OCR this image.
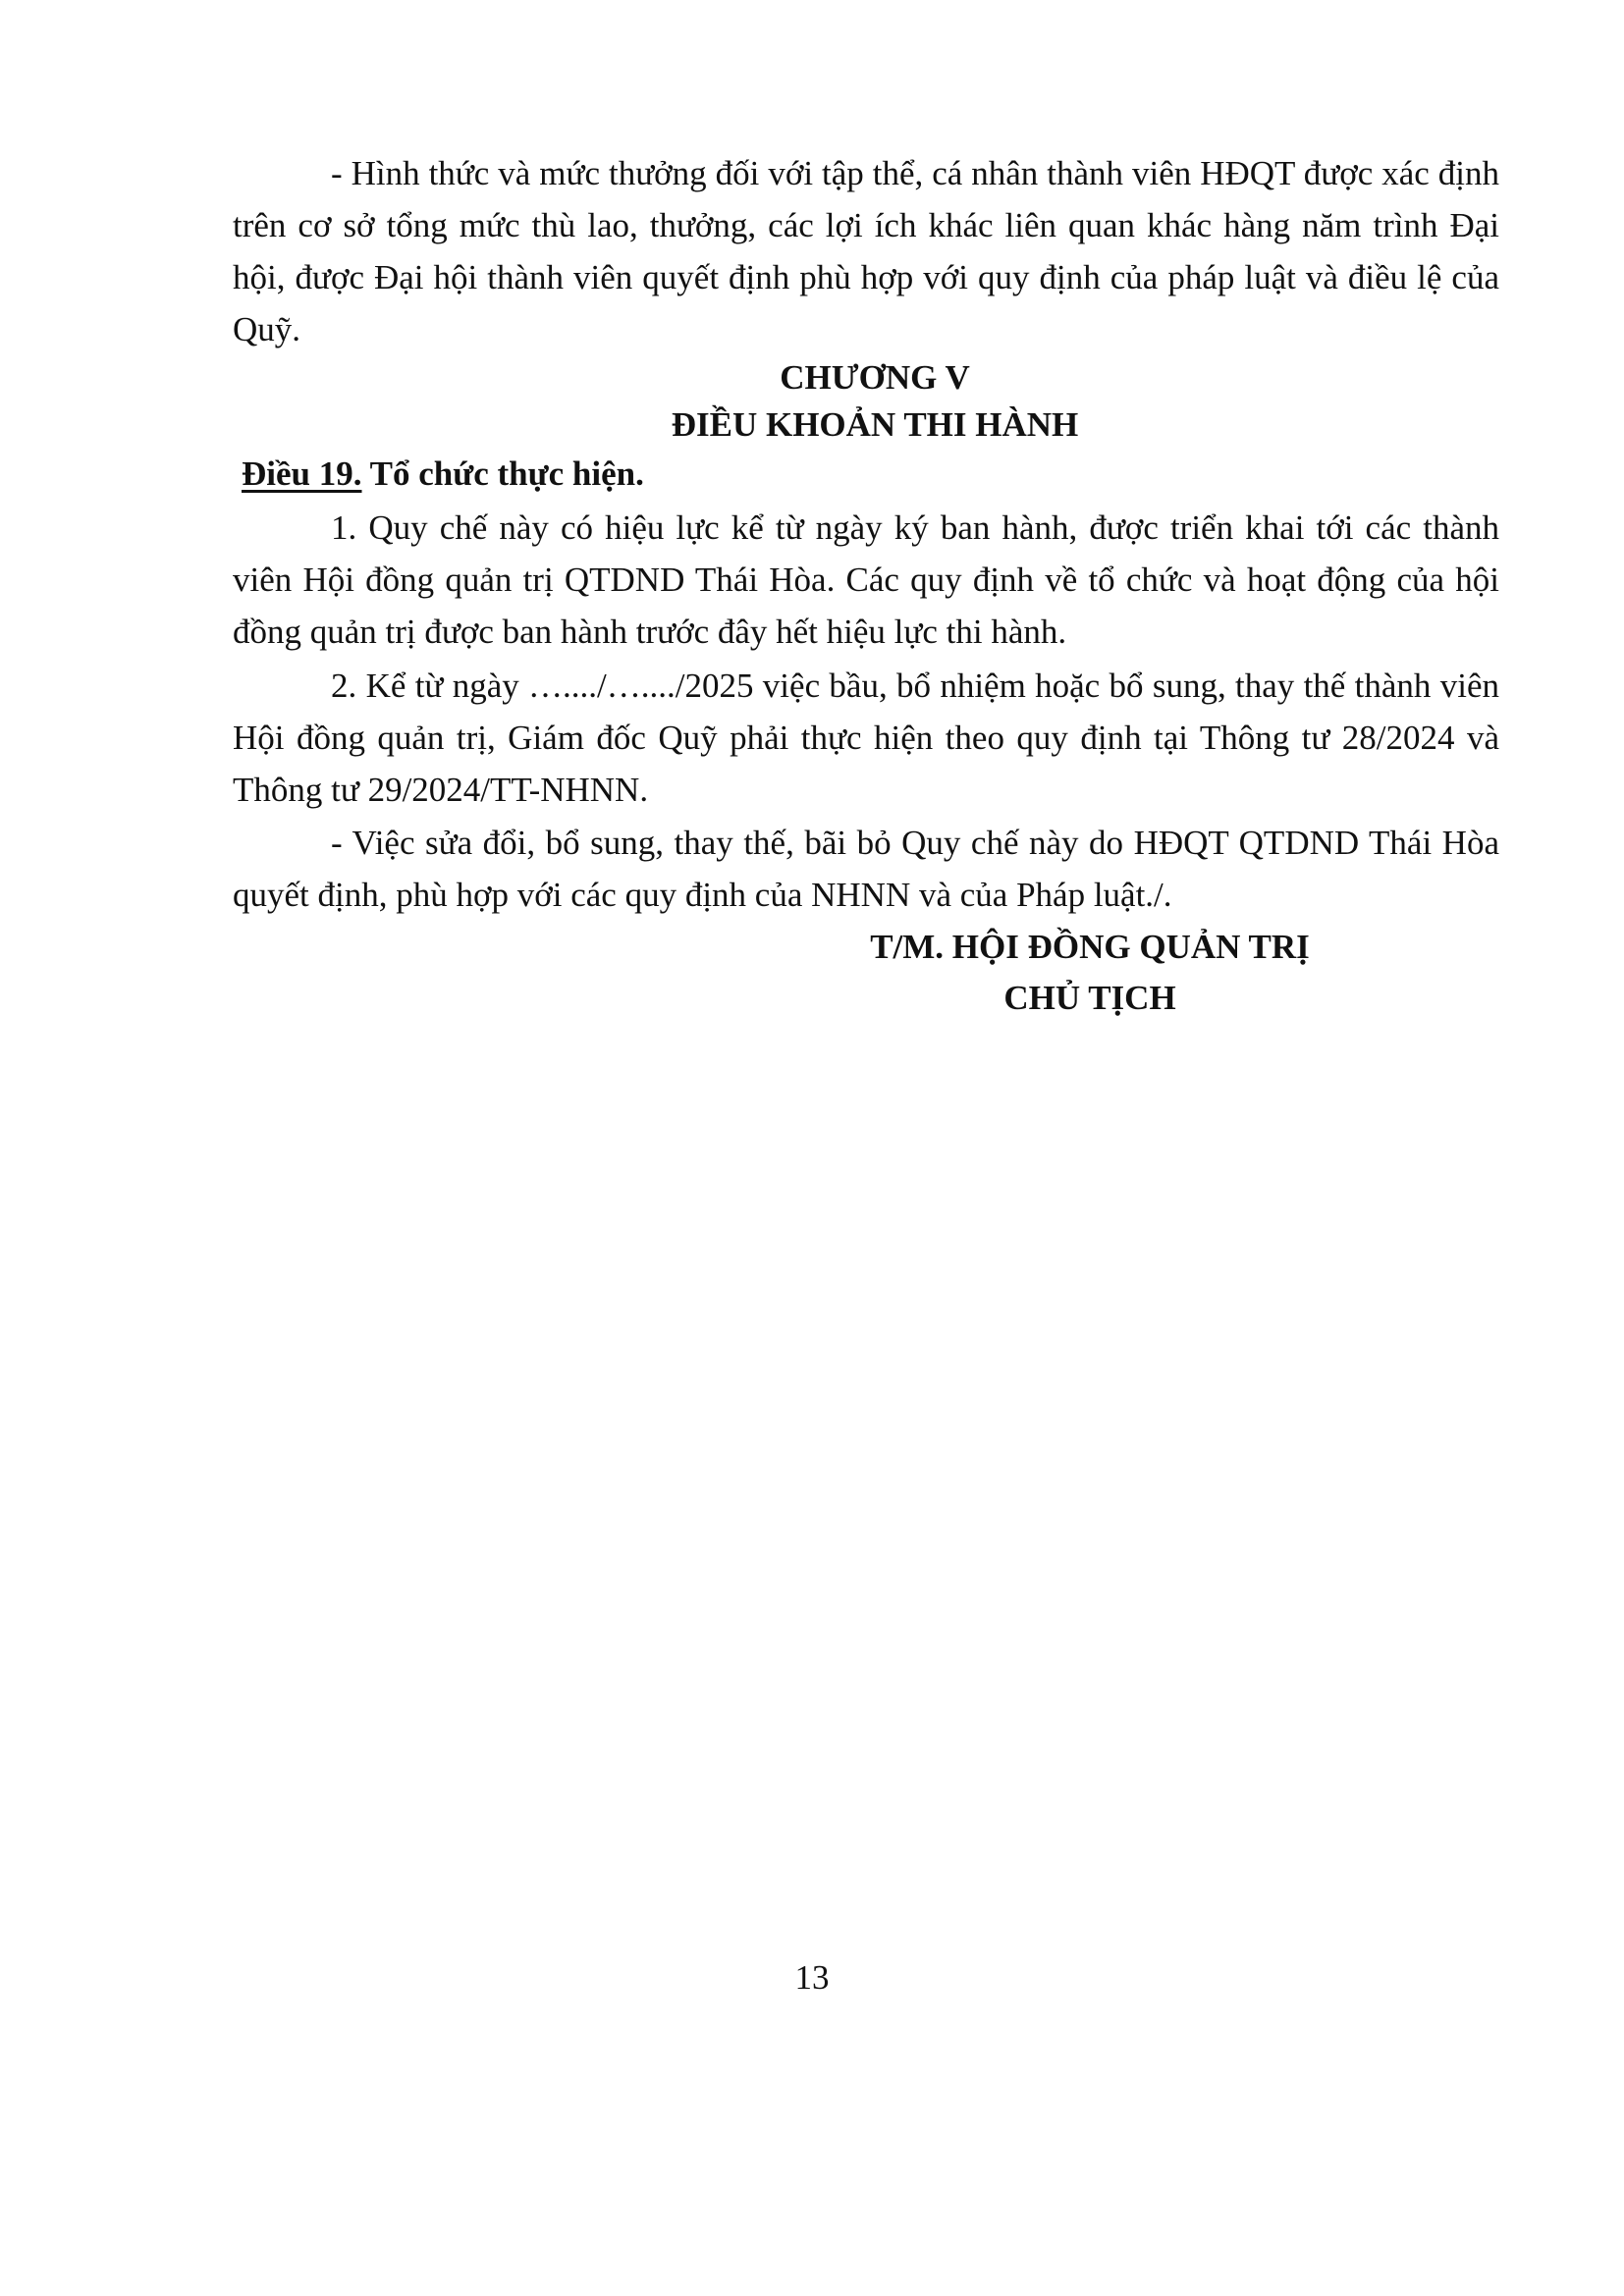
- Hình thức và mức thưởng đối với tập thể, cá nhân thành viên HĐQT được xác định trên cơ sở tổng mức thù lao, thưởng, các lợi ích khác liên quan khác hàng năm trình Đại hội, được Đại hội thành viên quyết định phù hợp với quy định của pháp luật và điều lệ của Quỹ.

CHƯƠNG V

ĐIỀU KHOẢN THI HÀNH

Điều 19. Tổ chức thực hiện.

1. Quy chế này có hiệu lực kể từ ngày ký ban hành, được triển khai tới các thành viên Hội đồng quản trị QTDND Thái Hòa. Các quy định về tổ chức và hoạt động của hội đồng quản trị được ban hành trước đây hết hiệu lực thi hành.

2. Kể từ ngày …..../…..../2025 việc bầu, bổ nhiệm hoặc bổ sung, thay thế thành viên Hội đồng quản trị, Giám đốc Quỹ phải thực hiện theo quy định tại Thông tư 28/2024 và Thông tư 29/2024/TT-NHNN.

- Việc sửa đổi, bổ sung, thay thế, bãi bỏ Quy chế này do HĐQT QTDND Thái Hòa quyết định, phù hợp với các quy định của NHNN và của Pháp luật./.

T/M. HỘI ĐỒNG QUẢN TRỊ

CHỦ TỊCH

13
